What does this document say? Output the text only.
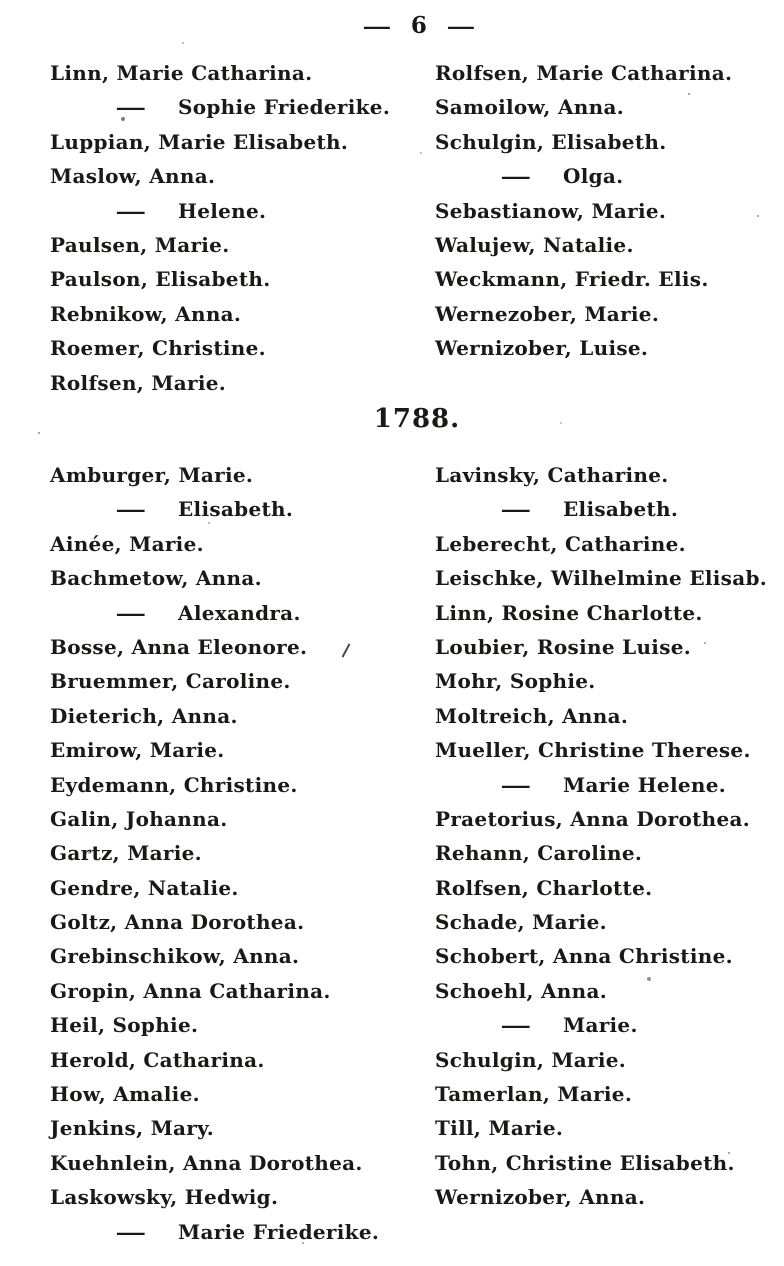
— 6 —
Linn, Marie Catharina.
— Sophie Friederike.
Luppian, Marie Elisabeth.
Maslow, Anna.
— Helene.
Paulsen, Marie.
Paulson, Elisabeth.
Rebnikow, Anna.
Roemer, Christine.
Rolfsen, Marie.
Rolfsen, Marie Catharina.
Samoilow, Anna.
Schulgin, Elisabeth.
— Olga.
Sebastianow, Marie.
Walujew, Natalie.
Weckmann, Friedr. Elis.
Wernezober, Marie.
Wernizober, Luise.
1788.
Amburger, Marie.
— Elisabeth.
Ainée, Marie.
Bachmetow, Anna.
— Alexandra.
Bosse, Anna Eleonore.
Bruemmer, Caroline.
Dieterich, Anna.
Emirow, Marie.
Eydemann, Christine.
Galin, Johanna.
Gartz, Marie.
Gendre, Natalie.
Goltz, Anna Dorothea.
Grebinschikow, Anna.
Gropin, Anna Catharina.
Heil, Sophie.
Herold, Catharina.
How, Amalie.
Jenkins, Mary.
Kuehnlein, Anna Dorothea.
Laskowsky, Hedwig.
— Marie Friederike.
Lavinsky, Catharine.
— Elisabeth.
Leberecht, Catharine.
Leischke, Wilhelmine Elisab.
Linn, Rosine Charlotte.
Loubier, Rosine Luise.
Mohr, Sophie.
Moltreich, Anna.
Mueller, Christine Therese.
— Marie Helene.
Praetorius, Anna Dorothea.
Rehann, Caroline.
Rolfsen, Charlotte.
Schade, Marie.
Schobert, Anna Christine.
Schoehl, Anna.
— Marie.
Schulgin, Marie.
Tamerlan, Marie.
Till, Marie.
Tohn, Christine Elisabeth.
Wernizober, Anna.
